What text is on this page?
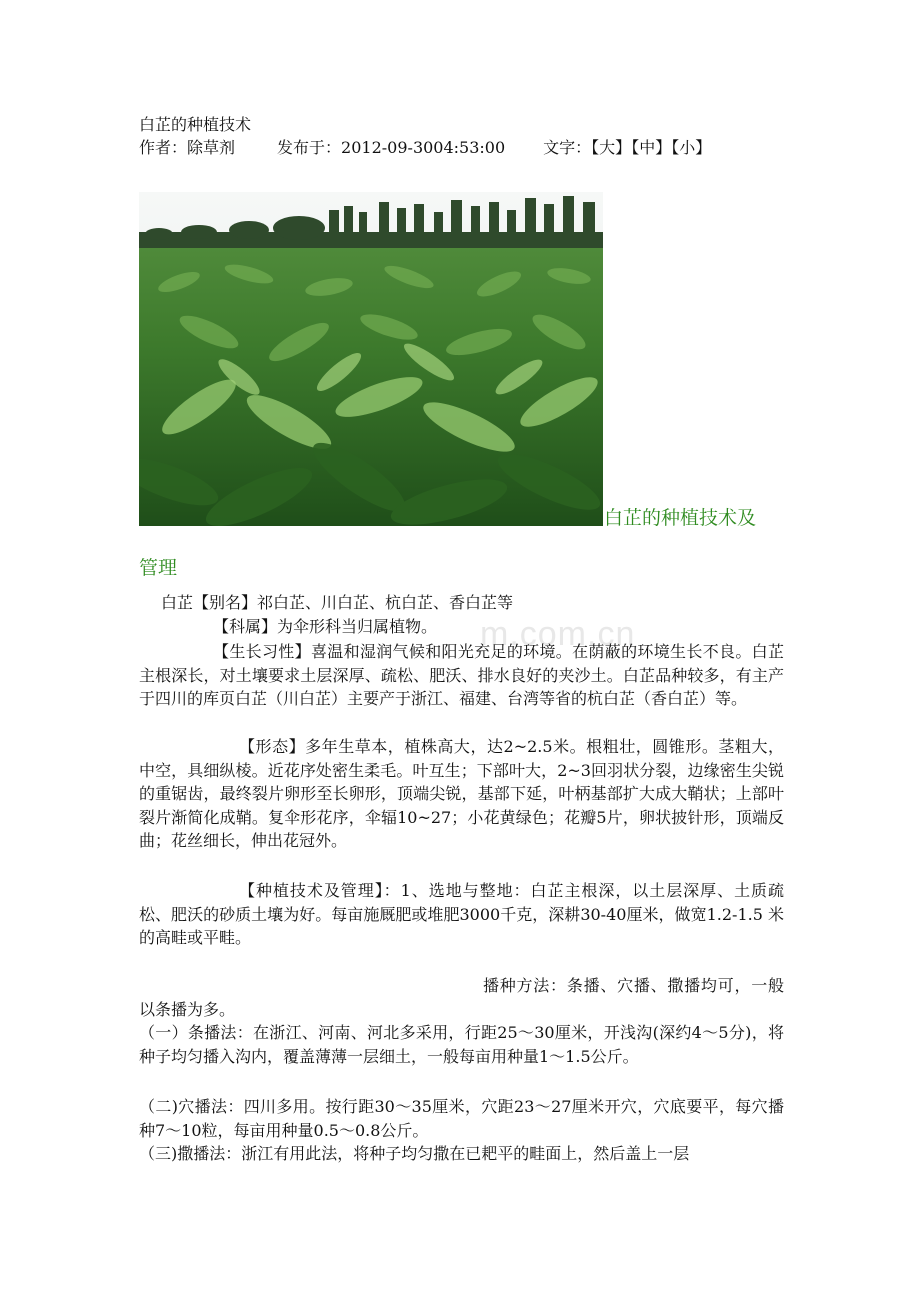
白芷的种植技术
作者：除草剂	发布于：2012-09-3004:53:00 文字：【大】【中】【小】
白芷的种植技术及
管理
m.com.cn
白芷【别名】祁白芷、川白芷、杭白芷、香白芷等
【科属】为伞形科当归属植物。
【生长习性】喜温和湿润气候和阳光充足的环境。在荫蔽的环境生长不良。白芷主根深长，对土壤要求土层深厚、疏松、肥沃、排水良好的夹沙土。白芷品种较多，有主产于四川的库页白芷（川白芷）主要产于浙江、福建、台湾等省的杭白芷（香白芷）等。
【形态】多年生草本，植株高大，达2~2.5米。根粗壮，圆锥形。茎粗大，中空，具细纵棱。近花序处密生柔毛。叶互生；下部叶大，2~3回羽状分裂，边缘密生尖锐的重锯齿，最终裂片卵形至长卵形，顶端尖锐，基部下延，叶柄基部扩大成大鞘状；上部叶裂片渐简化成鞘。复伞形花序，伞辐10~27；小花黄绿色；花瓣5片，卵状披针形，顶端反曲；花丝细长，伸出花冠外。
【种植技术及管理】：1、选地与整地：白芷主根深，以土层深厚、土质疏松、肥沃的砂质土壤为好。每亩施厩肥或堆肥3000千克，深耕30-40厘米，做宽1.2-1.5 米的高畦或平畦。
播种方法：条播、穴播、撒播均可，一般以条播为多。
（一）条播法：在浙江、河南、河北多采用，行距25～30厘米，开浅沟(深约4～5分)，将种子均匀播入沟内，覆盖薄薄一层细土，一般每亩用种量1～1.5公斤。
（二)穴播法：四川多用。按行距30～35厘米，穴距23～27厘米开穴，穴底要平，每穴播种7～10粒，每亩用种量0.5～0.8公斤。
（三)撒播法：浙江有用此法，将种子均匀撒在已耙平的畦面上，然后盖上一层
